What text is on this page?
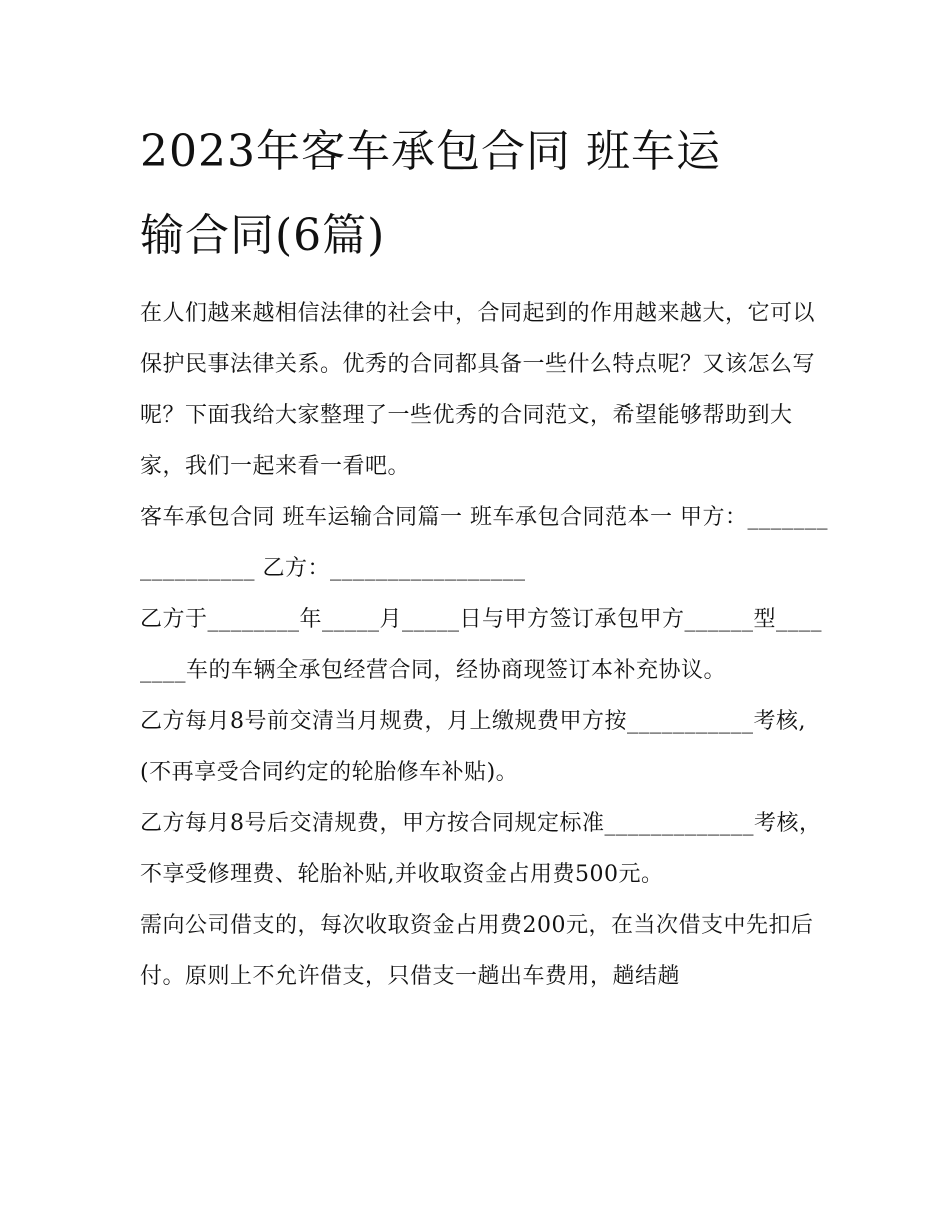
2023年客车承包合同 班车运
输合同(6篇)

在人们越来越相信法律的社会中，合同起到的作用越来越大，它可以保护民事法律关系。优秀的合同都具备一些什么特点呢？又该怎么写呢？下面我给大家整理了一些优秀的合同范文，希望能够帮助到大家，我们一起来看一看吧。

客车承包合同 班车运输合同篇一 班车承包合同范本一 甲方：_________________ 乙方：_________________

乙方于________年_____月_____日与甲方签订承包甲方______型________车的车辆全承包经营合同，经协商现签订本补充协议。

乙方每月8号前交清当月规费，月上缴规费甲方按___________考核,(不再享受合同约定的轮胎修车补贴)。

乙方每月8号后交清规费，甲方按合同规定标准_____________考核，不享受修理费、轮胎补贴,并收取资金占用费500元。

需向公司借支的，每次收取资金占用费200元，在当次借支中先扣后付。原则上不允许借支，只借支一趟出车费用，趟结趟
